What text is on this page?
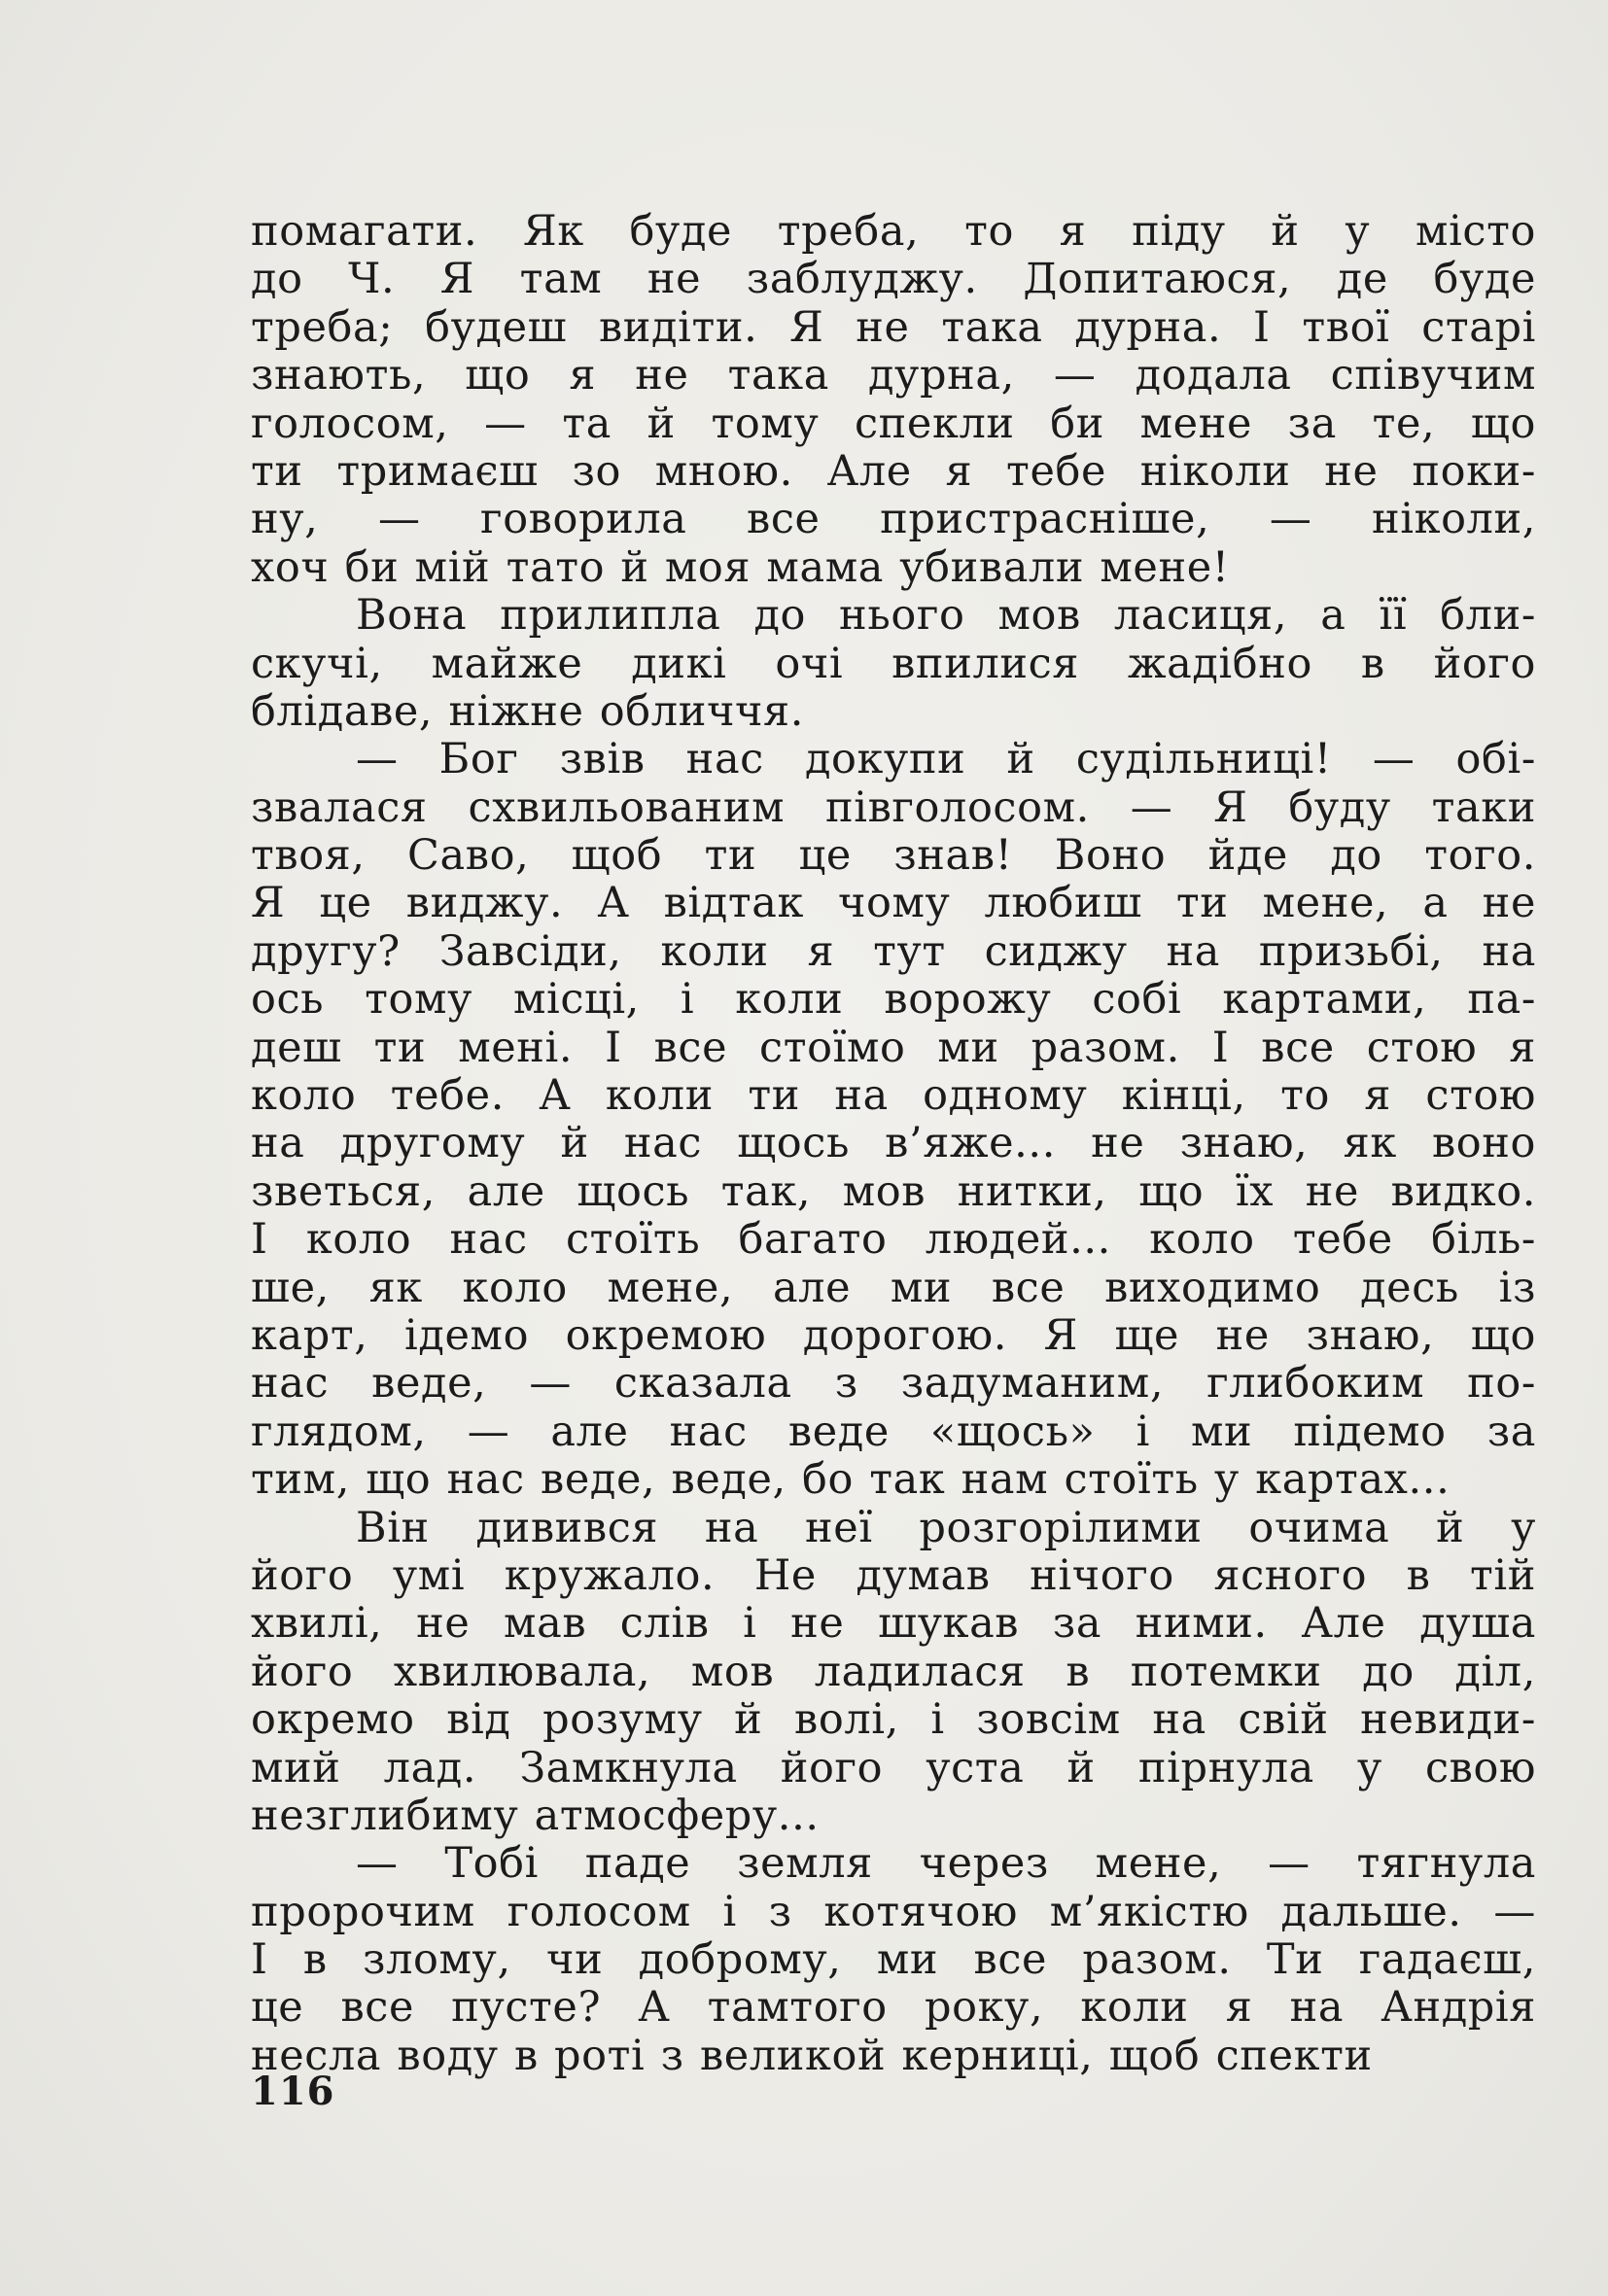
помагати. Як буде треба, то я піду й у місто
до Ч. Я там не заблуджу. Допитаюся, де буде
треба; будеш видіти. Я не така дурна. І твої старі
знають, що я не така дурна, — додала співучим
голосом, — та й тому спекли би мене за те, що
ти тримаєш зо мною. Але я тебе ніколи не поки-
ну, — говорила все пристрасніше, — ніколи,
хоч би мій тато й моя мама убивали мене!
Вона прилипла до нього мов ласиця, а її бли-
скучі, майже дикі очі впилися жадібно в його
блідаве, ніжне обличчя.
— Бог звів нас докупи й судільниці! — обі-
звалася схвильованим півголосом. — Я буду таки
твоя, Саво, щоб ти це знав! Воно йде до того.
Я це виджу. А відтак чому любиш ти мене, а не
другу? Завсіди, коли я тут сиджу на призьбі, на
ось тому місці, і коли ворожу собі картами, па-
деш ти мені. І все стоїмо ми разом. І все стою я
коло тебе. А коли ти на одному кінці, то я стою
на другому й нас щось в’яже... не знаю, як воно
зветься, але щось так, мов нитки, що їх не видко.
І коло нас стоїть багато людей... коло тебе біль-
ше, як коло мене, але ми все виходимо десь із
карт, ідемо окремою дорогою. Я ще не знаю, що
нас веде, — сказала з задуманим, глибоким по-
глядом, — але нас веде «щось» і ми підемо за
тим, що нас веде, веде, бо так нам стоїть у картах...
Він дивився на неї розгорілими очима й у
його умі кружало. Не думав нічого ясного в тій
хвилі, не мав слів і не шукав за ними. Але душа
його хвилювала, мов ладилася в потемки до діл,
окремо від розуму й волі, і зовсім на свій невиди-
мий лад. Замкнула його уста й пірнула у свою
незглибиму атмосферу...
— Тобі паде земля через мене, — тягнула
пророчим голосом і з котячою м’якістю дальше. —
І в злому, чи доброму, ми все разом. Ти гадаєш,
це все пусте? А тамтого року, коли я на Андрія
несла воду в роті з великой керниці, щоб спекти
116
